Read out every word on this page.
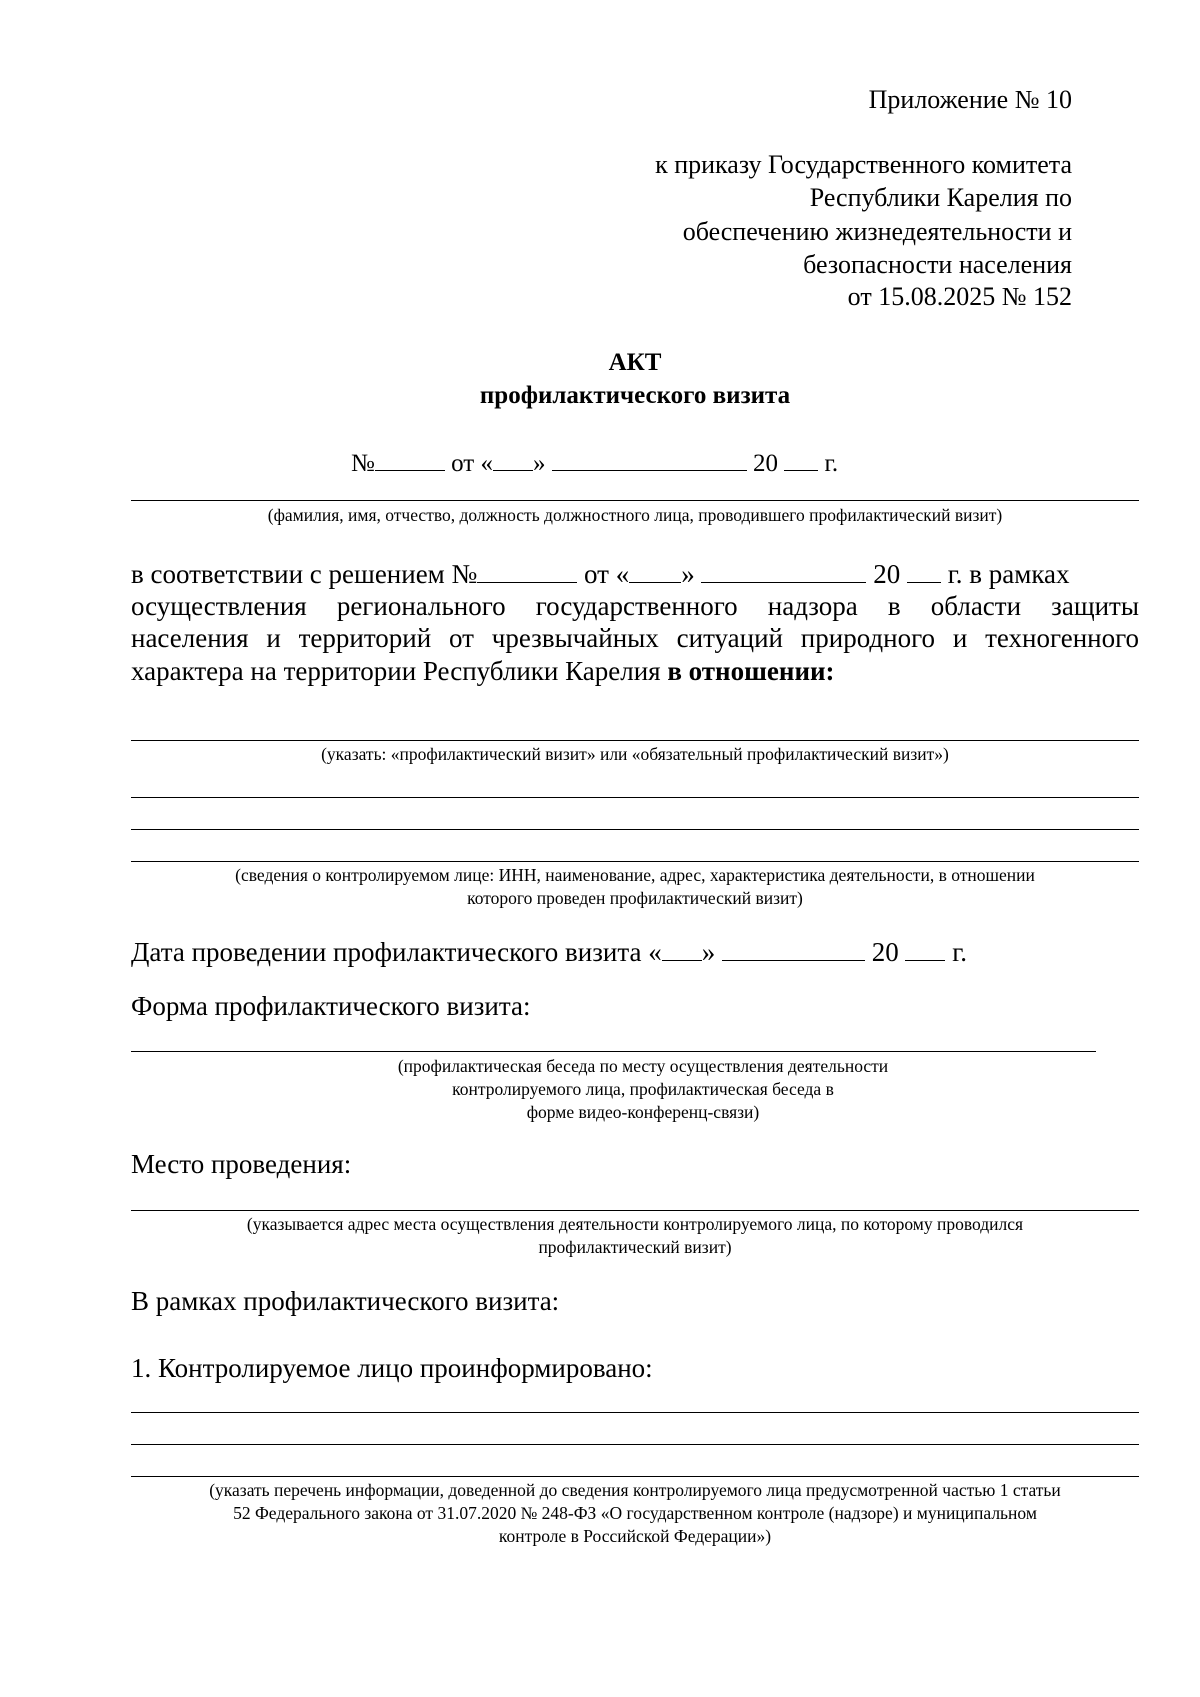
Приложение № 10
к приказу Государственного комитета
Республики Карелия по
обеспечению жизнедеятельности и
безопасности населения
от 15.08.2025 № 152
АКТ
профилактического визита
№	от « »	20 г.
(фамилия, имя, отчество, должность должностного лица, проводившего профилактический визит)
в соответствии с решением №	от « »	20 г. в рамках
осуществления регионального государственного надзора в области защиты
населения и территорий от чрезвычайных ситуаций природного и техногенного
характера на территории Республики Карелия в отношении:
(указать: «профилактический визит» или «обязательный профилактический визит»)
(сведения о контролируемом лице: ИНН, наименование, адрес, характеристика деятельности, в отношении
которого проведен профилактический визит)
Дата проведении профилактического визита « »	20 г.
Форма профилактического визита:
(профилактическая беседа по месту осуществления деятельности
контролируемого лица, профилактическая беседа в
форме видео-конференц-связи)
Место проведения:
(указывается адрес места осуществления деятельности контролируемого лица, по которому проводился
профилактический визит)
В рамках профилактического визита:
1. Контролируемое лицо проинформировано:
(указать перечень информации, доведенной до сведения контролируемого лица предусмотренной частью 1 статьи
52 Федерального закона от 31.07.2020 № 248-ФЗ «О государственном контроле (надзоре) и муниципальном
контроле в Российской Федерации»)
